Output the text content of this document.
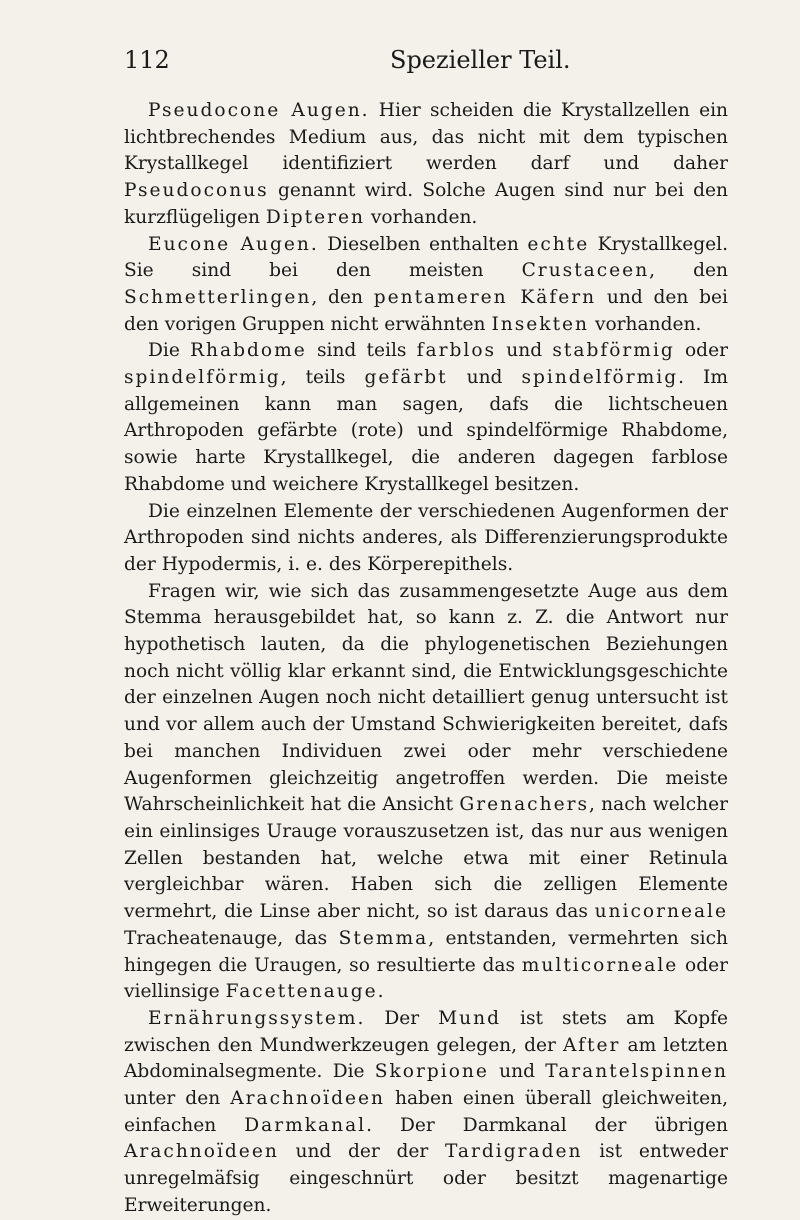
112	Spezieller Teil.

Pseudocone Augen. Hier scheiden die Krystallzellen ein lichtbrechendes Medium aus, das nicht mit dem typischen Krystallkegel identifiziert werden darf und daher Pseudoconus genannt wird. Solche Augen sind nur bei den kurzflügeligen Dipteren vorhanden.

Eucone Augen. Dieselben enthalten echte Krystallkegel. Sie sind bei den meisten Crustaceen, den Schmetterlingen, den pentameren Käfern und den bei den vorigen Gruppen nicht erwähnten Insekten vorhanden.

Die Rhabdome sind teils farblos und stabförmig oder spindelförmig, teils gefärbt und spindelförmig. Im allgemeinen kann man sagen, dafs die lichtscheuen Arthropoden gefärbte (rote) und spindelförmige Rhabdome, sowie harte Krystallkegel, die anderen dagegen farblose Rhabdome und weichere Krystallkegel besitzen.

Die einzelnen Elemente der verschiedenen Augenformen der Arthropoden sind nichts anderes, als Differenzierungsprodukte der Hypodermis, i. e. des Körperepithels.

Fragen wir, wie sich das zusammengesetzte Auge aus dem Stemma herausgebildet hat, so kann z. Z. die Antwort nur hypothetisch lauten, da die phylogenetischen Beziehungen noch nicht völlig klar erkannt sind, die Entwicklungsgeschichte der einzelnen Augen noch nicht detailliert genug untersucht ist und vor allem auch der Umstand Schwierigkeiten bereitet, dafs bei manchen Individuen zwei oder mehr verschiedene Augenformen gleichzeitig angetroffen werden. Die meiste Wahrscheinlichkeit hat die Ansicht Grenachers, nach welcher ein einlinsiges Urauge vorauszusetzen ist, das nur aus wenigen Zellen bestanden hat, welche etwa mit einer Retinula vergleichbar wären. Haben sich die zelligen Elemente vermehrt, die Linse aber nicht, so ist daraus das unicorneale Tracheatenauge, das Stemma, entstanden, vermehrten sich hingegen die Uraugen, so resultierte das multicorneale oder viellinsige Facettenauge.

Ernährungssystem. Der Mund ist stets am Kopfe zwischen den Mundwerkzeugen gelegen, der After am letzten Abdominalsegmente. Die Skorpione und Tarantelspinnen unter den Arachnoïdeen haben einen überall gleichweiten, einfachen Darmkanal. Der Darmkanal der übrigen Arachnoïdeen und der der Tardigraden ist entweder unregelmäfsig eingeschnürt oder besitzt magenartige Erweiterungen.
